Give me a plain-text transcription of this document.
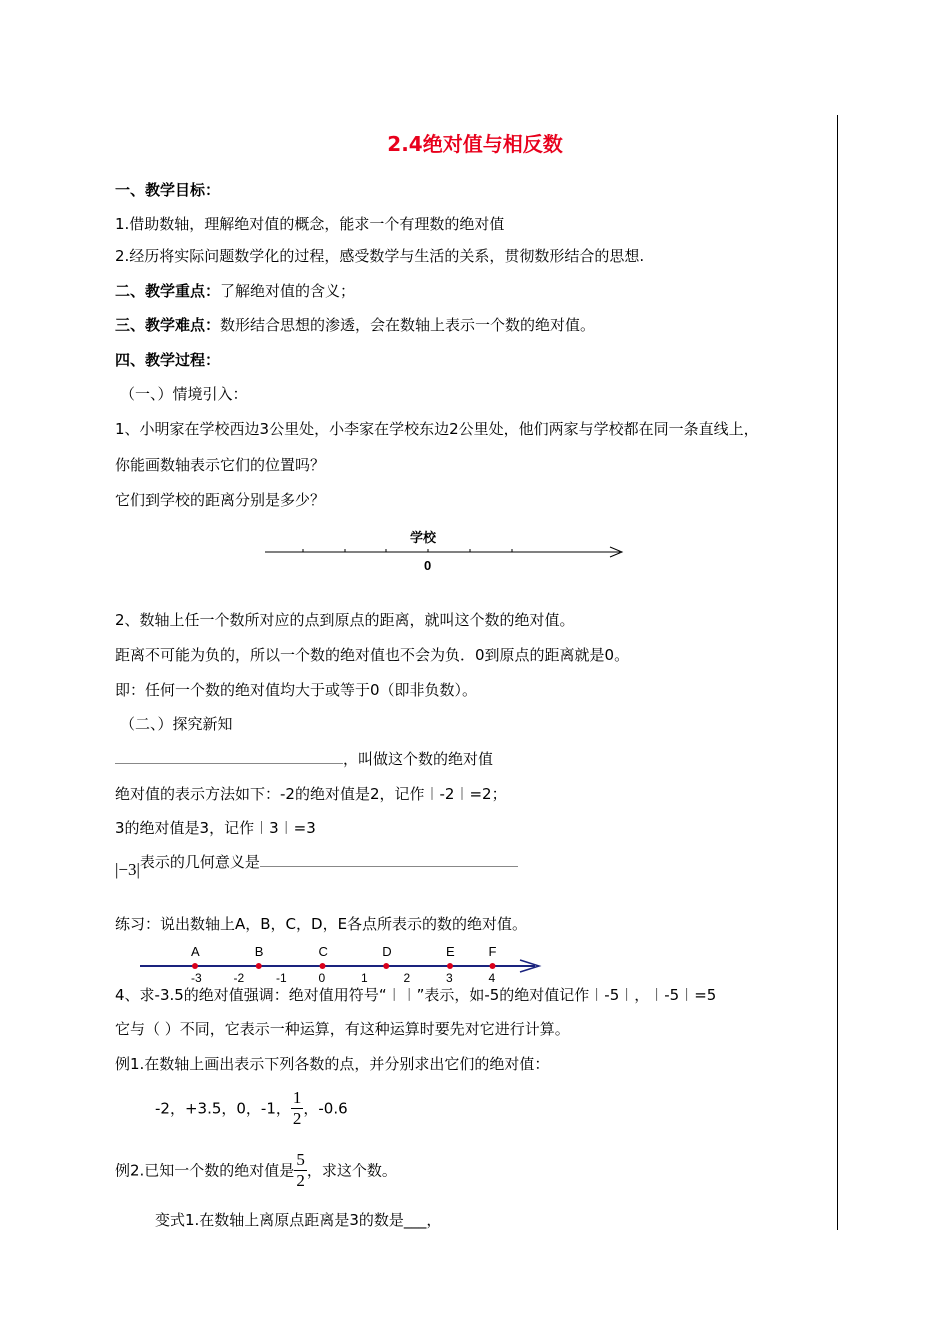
2.4绝对值与相反数
一、教学目标：
1.借助数轴，理解绝对值的概念，能求一个有理数的绝对值
2.经历将实际问题数学化的过程，感受数学与生活的关系，贯彻数形结合的思想.
二、教学重点：了解绝对值的含义；
三、教学难点：数形结合思想的渗透，会在数轴上表示一个数的绝对值。
四、教学过程：
（一、）情境引入：
1、小明家在学校西边3公里处，小李家在学校东边2公里处，他们两家与学校都在同一条直线上，
你能画数轴表示它们的位置吗？
它们到学校的距离分别是多少？
学校
0
2、数轴上任一个数所对应的点到原点的距离，就叫这个数的绝对值。
距离不可能为负的，所以一个数的绝对值也不会为负．0到原点的距离就是0。
即：任何一个数的绝对值均大于或等于0（即非负数）。
（二、）探究新知
，叫做这个数的绝对值
绝对值的表示方法如下：-2的绝对值是2，记作︱-2︱=2；
3的绝对值是3，记作︱3︱=3
|−3|表示的几何意义是
练习：说出数轴上A，B，C，D，E各点所表示的数的绝对值。
-3	-2	-1	0	1	2	3	4
A	B	C	D	E	F
4、求-3.5的绝对值强调：绝对值用符号“︱︱”表示，如-5的绝对值记作︱-5︱，︱-5︱=5
它与（ ）不同，它表示一种运算，有这种运算时要先对它进行计算。
例1.在数轴上画出表示下列各数的点，并分别求出它们的绝对值：
-2，+3.5，0，-1， $\frac{1}{2}$ ，-0.6
例2.已知一个数的绝对值是 $\frac{5}{2}$ ，求这个数。
变式1.在数轴上离原点距离是3的数是___，
